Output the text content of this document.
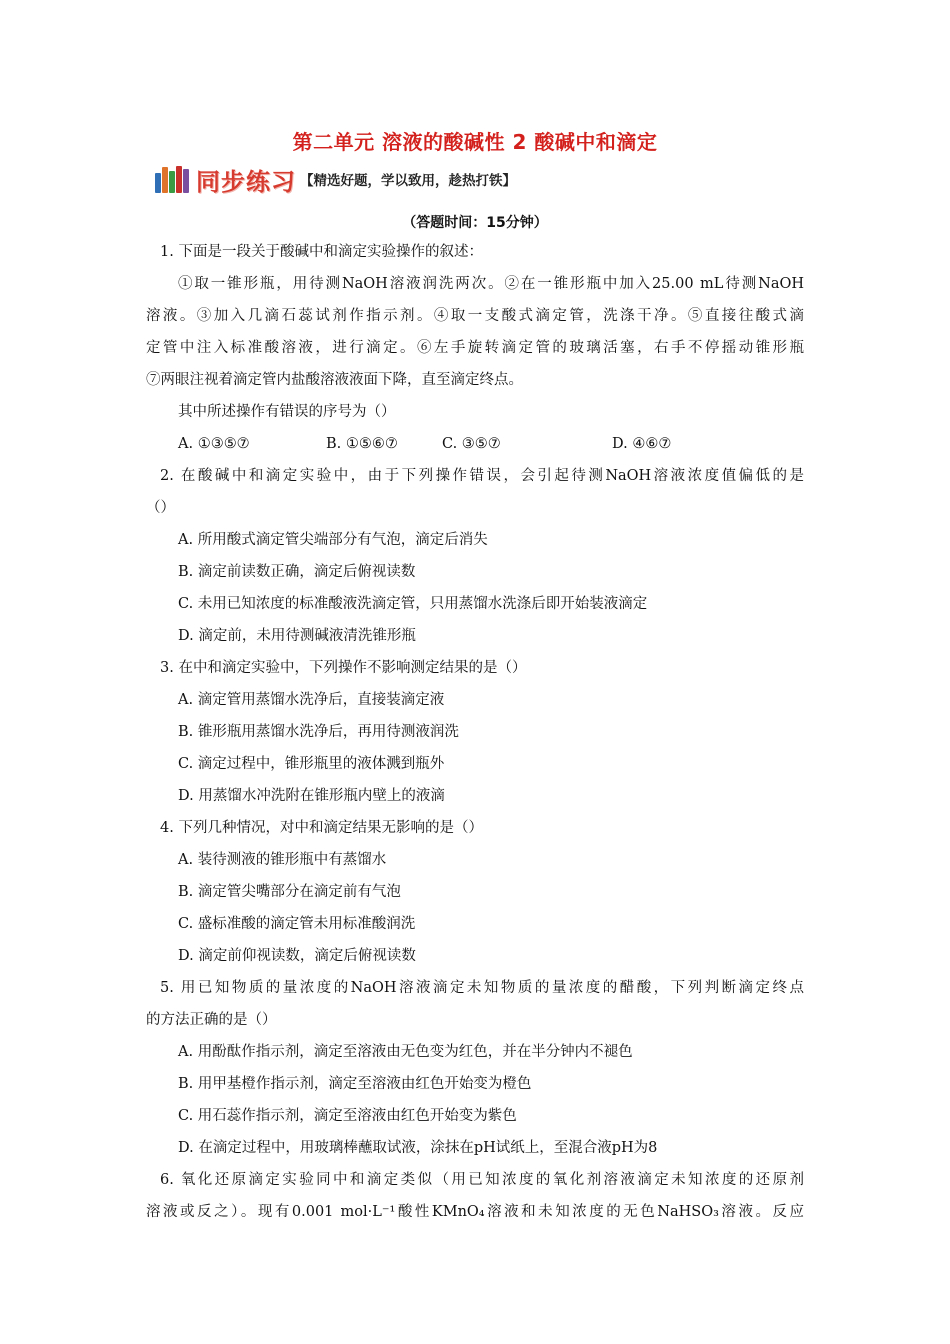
第二单元 溶液的酸碱性 2 酸碱中和滴定
同步练习 【精选好题，学以致用，趁热打铁】
（答题时间：15分钟）
1. 下面是一段关于酸碱中和滴定实验操作的叙述：
①取一锥形瓶，用待测NaOH溶液润洗两次。②在一锥形瓶中加入25.00 mL待测NaOH
溶液。③加入几滴石蕊试剂作指示剂。④取一支酸式滴定管，洗涤干净。⑤直接往酸式滴
定管中注入标准酸溶液，进行滴定。⑥左手旋转滴定管的玻璃活塞，右手不停摇动锥形瓶
⑦两眼注视着滴定管内盐酸溶液液面下降，直至滴定终点。
其中所述操作有错误的序号为（）
A. ①③⑤⑦	B. ①⑤⑥⑦	C. ③⑤⑦	D. ④⑥⑦
2. 在酸碱中和滴定实验中，由于下列操作错误，会引起待测NaOH溶液浓度值偏低的是
（）
A. 所用酸式滴定管尖端部分有气泡，滴定后消失
B. 滴定前读数正确，滴定后俯视读数
C. 未用已知浓度的标准酸液洗滴定管，只用蒸馏水洗涤后即开始装液滴定
D. 滴定前，未用待测碱液清洗锥形瓶
3. 在中和滴定实验中，下列操作不影响测定结果的是（）
A. 滴定管用蒸馏水洗净后，直接装滴定液
B. 锥形瓶用蒸馏水洗净后，再用待测液润洗
C. 滴定过程中，锥形瓶里的液体溅到瓶外
D. 用蒸馏水冲洗附在锥形瓶内壁上的液滴
4. 下列几种情况，对中和滴定结果无影响的是（）
A. 装待测液的锥形瓶中有蒸馏水
B. 滴定管尖嘴部分在滴定前有气泡
C. 盛标准酸的滴定管未用标准酸润洗
D. 滴定前仰视读数，滴定后俯视读数
5. 用已知物质的量浓度的NaOH溶液滴定未知物质的量浓度的醋酸，下列判断滴定终点
的方法正确的是（）
A. 用酚酞作指示剂，滴定至溶液由无色变为红色，并在半分钟内不褪色
B. 用甲基橙作指示剂，滴定至溶液由红色开始变为橙色
C. 用石蕊作指示剂，滴定至溶液由红色开始变为紫色
D. 在滴定过程中，用玻璃棒蘸取试液，涂抹在pH试纸上，至混合液pH为8
6. 氧化还原滴定实验同中和滴定类似（用已知浓度的氧化剂溶液滴定未知浓度的还原剂
溶液或反之）。现有0.001 mol·L⁻¹酸性KMnO₄溶液和未知浓度的无色NaHSO₃溶液。反应
